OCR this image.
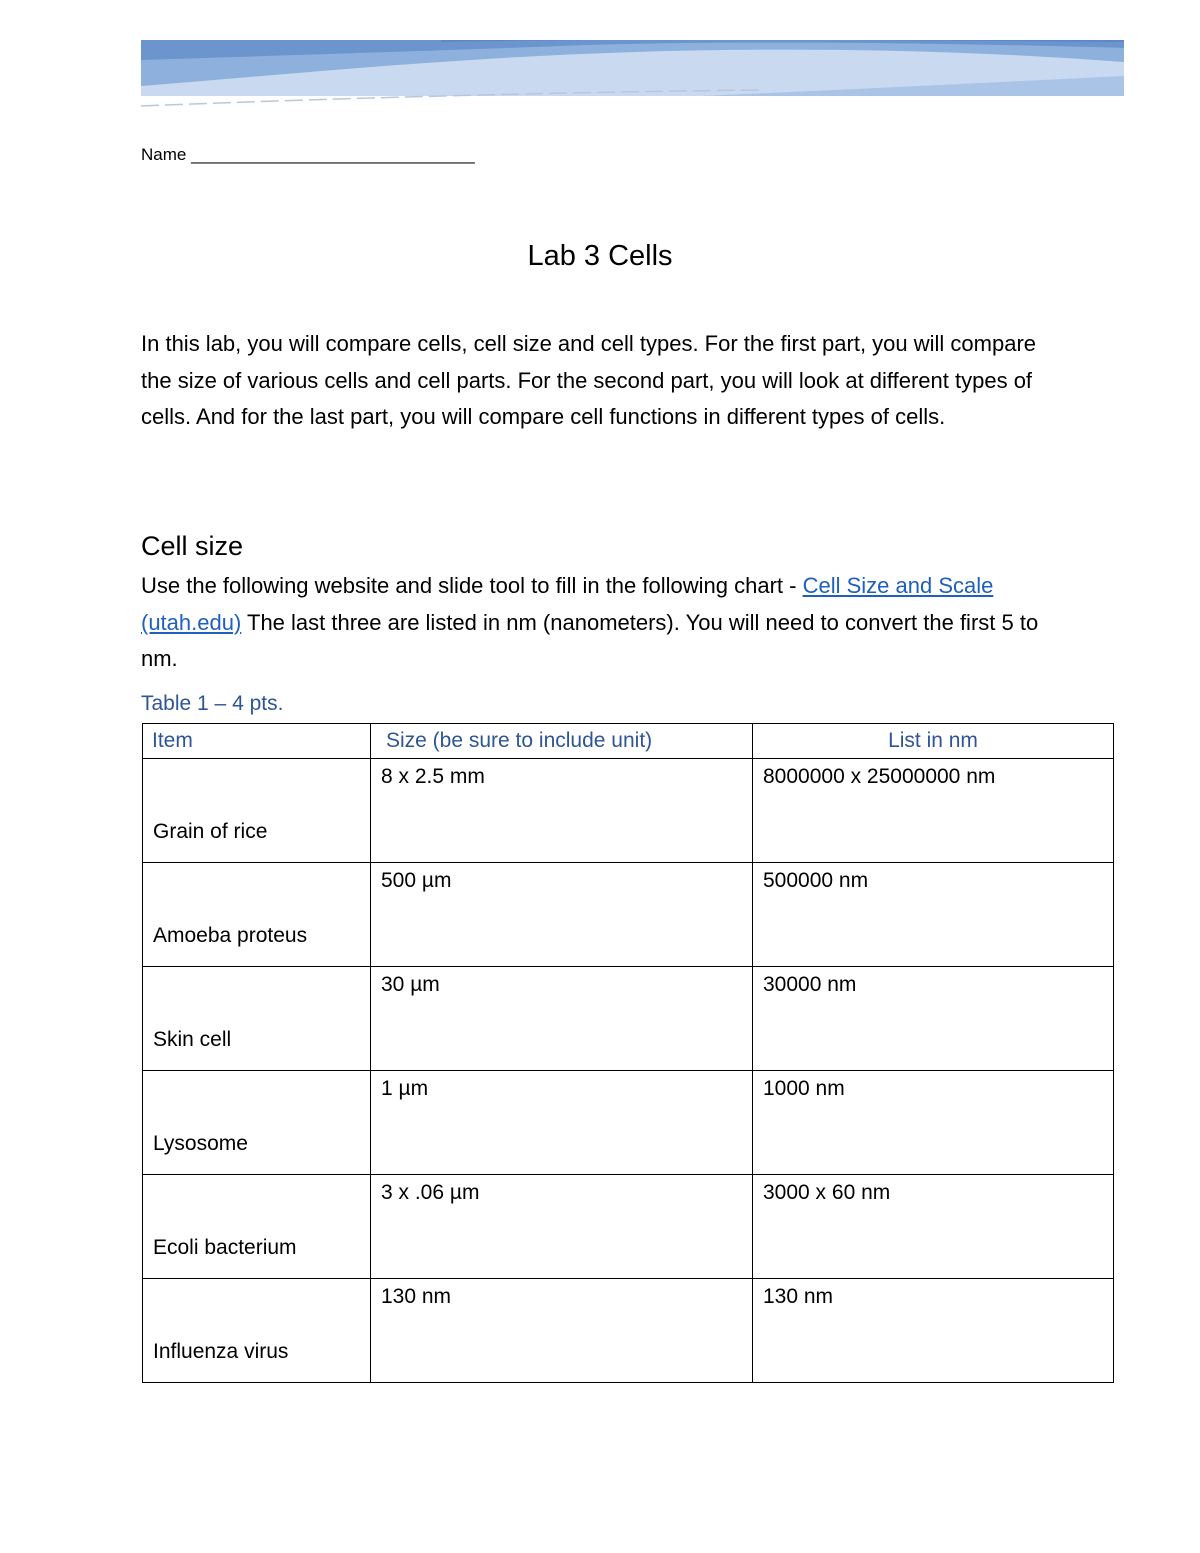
Name ______________________________
Lab 3 Cells

In this lab, you will compare cells, cell size and cell types. For the first part, you will compare the size of various cells and cell parts. For the second part, you will look at different types of cells. And for the last part, you will compare cell functions in different types of cells.

Cell size

Use the following website and slide tool to fill in the following chart - Cell Size and Scale (utah.edu) The last three are listed in nm (nanometers). You will need to convert the first 5 to nm.

Table 1 – 4 pts.
Item	Size (be sure to include unit)	List in nm

Grain of rice	8 x 2.5 mm	8000000 x 25000000 nm

Amoeba proteus	500 µm	500000 nm

Skin cell	30 µm	30000 nm

Lysosome	1 µm	1000 nm

Ecoli bacterium	3 x .06 µm	3000 x 60 nm

Influenza virus	130 nm	130 nm
